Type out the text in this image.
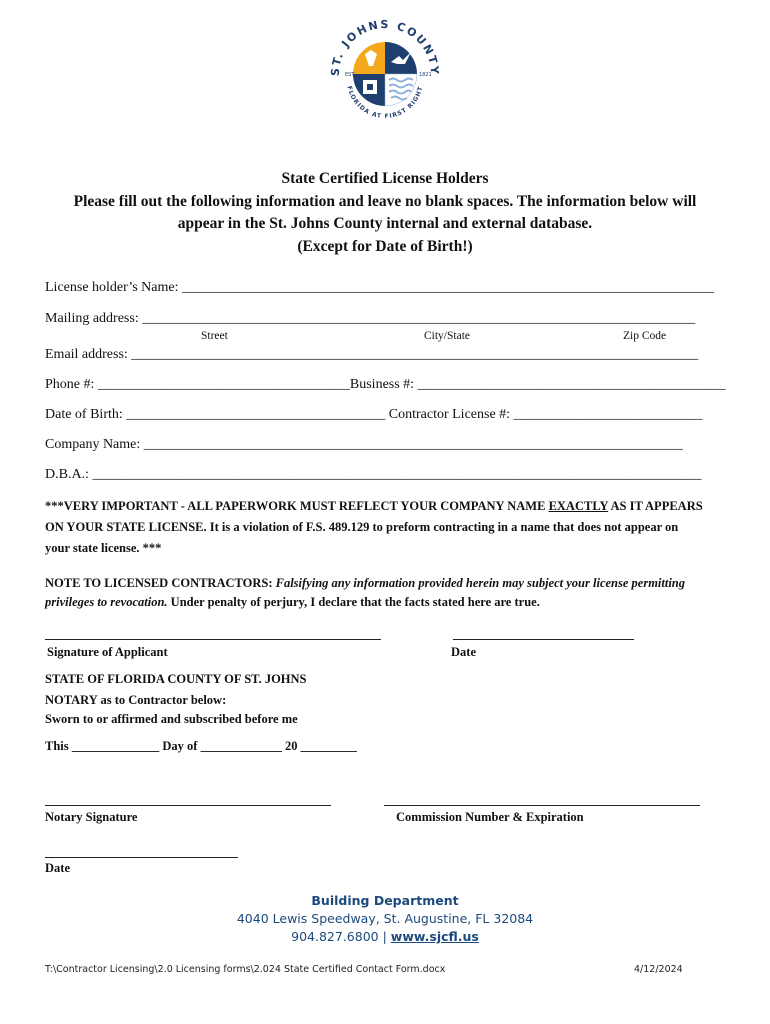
ST. JOHNS COUNTY
FLORIDA AT FIRST RIGHT
EST.	1821
State Certified License Holders
Please fill out the following information and leave no blank spaces. The information below will
appear in the St. Johns County internal and external database.
(Except for Date of Birth!)
License holder’s Name: ____________________________________________________________________________
Mailing address: _______________________________________________________________________________
Street	City/State	Zip Code
Email address: _________________________________________________________________________________
Phone #: ____________________________________Business #: ____________________________________________
Date of Birth: _____________________________________ Contractor License #: ___________________________
Company Name: _____________________________________________________________________________
D.B.A.: _______________________________________________________________________________________
***VERY IMPORTANT - ALL PAPERWORK MUST REFLECT YOUR COMPANY NAME EXACTLY AS IT APPEARS
ON YOUR STATE LICENSE. It is a violation of F.S. 489.129 to preform contracting in a name that does not appear on
your state license. ***
NOTE TO LICENSED CONTRACTORS: Falsifying any information provided herein may subject your license permitting
privileges to revocation. Under penalty of perjury, I declare that the facts stated here are true.
Signature of Applicant	Date
STATE OF FLORIDA COUNTY OF ST. JOHNS
NOTARY as to Contractor below:
Sworn to or affirmed and subscribed before me
This ______________ Day of _____________ 20 _________
Notary Signature	Commission Number & Expiration
Date
Building Department
4040 Lewis Speedway, St. Augustine, FL 32084
904.827.6800 | www.sjcfl.us
T:\Contractor Licensing\2.0 Licensing forms\2.024 State Certified Contact Form.docx	4/12/2024
